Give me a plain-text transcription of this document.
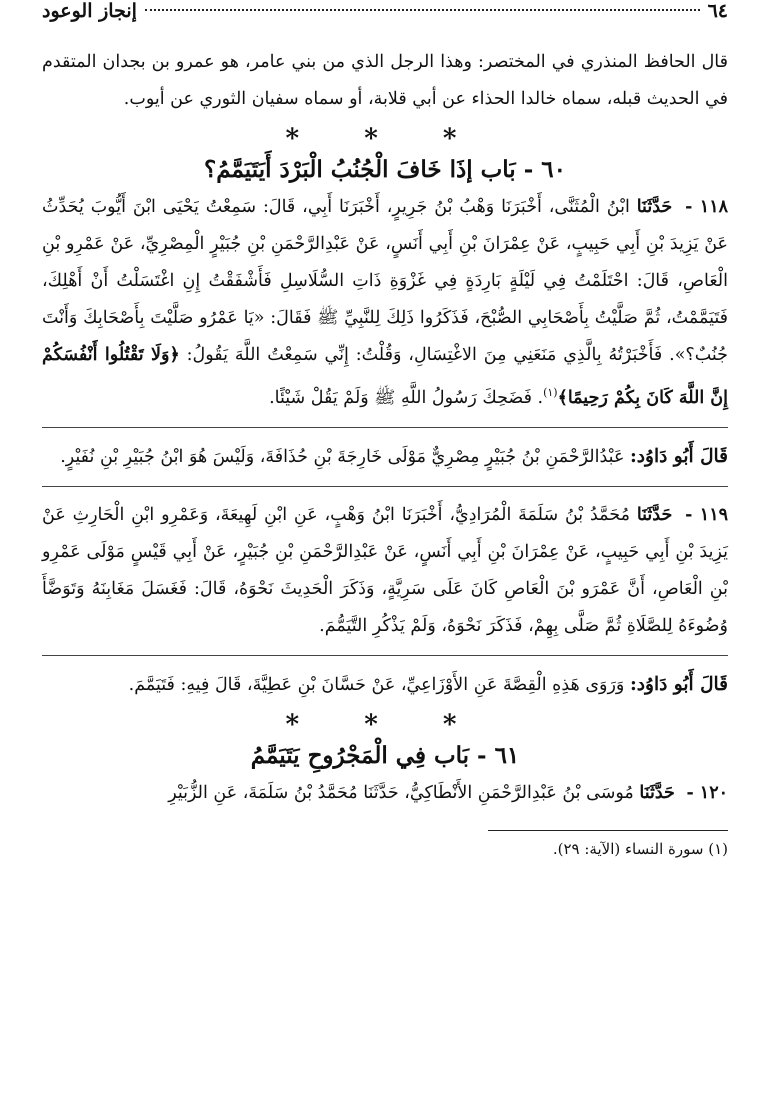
٦٤
إنجاز الوعود

قال الحافظ المنذري في المختصر: وهذا الرجل الذي من بني عامر، هو عمرو بن بجدان المتقدم في الحديث قبله، سماه خالدا الحذاء عن أبي قلابة، أو سماه سفيان الثوري عن أيوب.

* * *
٦٠ - بَاب إذَا خَافَ الْجُنُبُ الْبَرْدَ أَيَتَيَمَّمُ؟

١١٨ - حَدَّثَنَا ابْنُ الْمُثَنَّى، أَخْبَرَنَا وَهْبُ بْنُ جَرِيرٍ، أَخْبَرَنَا أَبِي، قَالَ: سَمِعْتُ يَحْيَى ابْنَ أَيُّوبَ يُحَدِّثُ عَنْ يَزِيدَ بْنِ أَبِي حَبِيبٍ، عَنْ عِمْرَانَ بْنِ أَبِي أَنَسٍ، عَنْ عَبْدِالرَّحْمَنِ بْنِ جُبَيْرٍ الْمِصْرِيِّ، عَنْ عَمْرِو بْنِ الْعَاصِ، قَالَ: احْتَلَمْتُ فِي لَيْلَةٍ بَارِدَةٍ فِي غَزْوَةِ ذَاتِ السُّلَاسِلِ فَأَشْفَقْتُ إِنِ اغْتَسَلْتُ أَنْ أَهْلِكَ، فَتَيَمَّمْتُ، ثُمَّ صَلَّيْتُ بِأَصْحَابِي الصُّبْحَ، فَذَكَرُوا ذَلِكَ لِلنَّبِيِّ ﷺ فَقَالَ: «يَا عَمْرُو صَلَّيْتَ بِأَصْحَابِكَ وَأَنْتَ جُنُبٌ؟». فَأَخْبَرْتُهُ بِالَّذِي مَنَعَنِي مِنَ الاغْتِسَالِ، وَقُلْتُ: إِنِّي سَمِعْتُ اللَّهَ يَقُولُ: ﴿وَلَا تَقْتُلُوا أَنْفُسَكُمْ إِنَّ اللَّهَ كَانَ بِكُمْ رَحِيمًا﴾$^{(١)}$. فَضَحِكَ رَسُولُ اللَّهِ ﷺ وَلَمْ يَقُلْ شَيْئًا.

قَالَ أَبُو دَاوُد: عَبْدُالرَّحْمَنِ بْنُ جُبَيْرٍ مِصْرِيٌّ مَوْلَى خَارِجَةَ بْنِ حُذَافَةَ، وَلَيْسَ هُوَ ابْنُ جُبَيْرِ بْنِ نُفَيْرٍ.

١١٩ - حَدَّثَنَا مُحَمَّدُ بْنُ سَلَمَةَ الْمُرَادِيُّ، أَخْبَرَنَا ابْنُ وَهْبٍ، عَنِ ابْنِ لَهِيعَةَ، وَعَمْرِو ابْنِ الْحَارِثِ عَنْ يَزِيدَ بْنِ أَبِي حَبِيبٍ، عَنْ عِمْرَانَ بْنِ أَبِي أَنَسٍ، عَنْ عَبْدِالرَّحْمَنِ بْنِ جُبَيْرٍ، عَنْ أَبِي قَيْسٍ مَوْلَى عَمْرِو بْنِ الْعَاصِ، أَنَّ عَمْرَو بْنَ الْعَاصِ كَانَ عَلَى سَرِيَّةٍ، وَذَكَرَ الْحَدِيثَ نَحْوَهُ، قَالَ: فَغَسَلَ مَغَابِنَهُ وَتَوَضَّأَ وُضُوءَهُ لِلصَّلَاةِ ثُمَّ صَلَّى بِهِمْ، فَذَكَرَ نَحْوَهُ، وَلَمْ يَذْكُرِ التَّيَمُّمَ.

قَالَ أَبُو دَاوُد: وَرَوَى هَذِهِ الْقِصَّةَ عَنِ الأَوْزَاعِيِّ، عَنْ حَسَّانَ بْنِ عَطِيَّةَ، قَالَ فِيهِ: فَتَيَمَّمَ.

* * *
٦١ - بَاب فِي الْمَجْرُوحِ يَتَيَمَّمُ

١٢٠ - حَدَّثَنَا مُوسَى بْنُ عَبْدِالرَّحْمَنِ الأَنْطَاكِيُّ، حَدَّثَنَا مُحَمَّدُ بْنُ سَلَمَةَ، عَنِ الزُّبَيْرِ

(١) سورة النساء (الآية: ٢٩).
